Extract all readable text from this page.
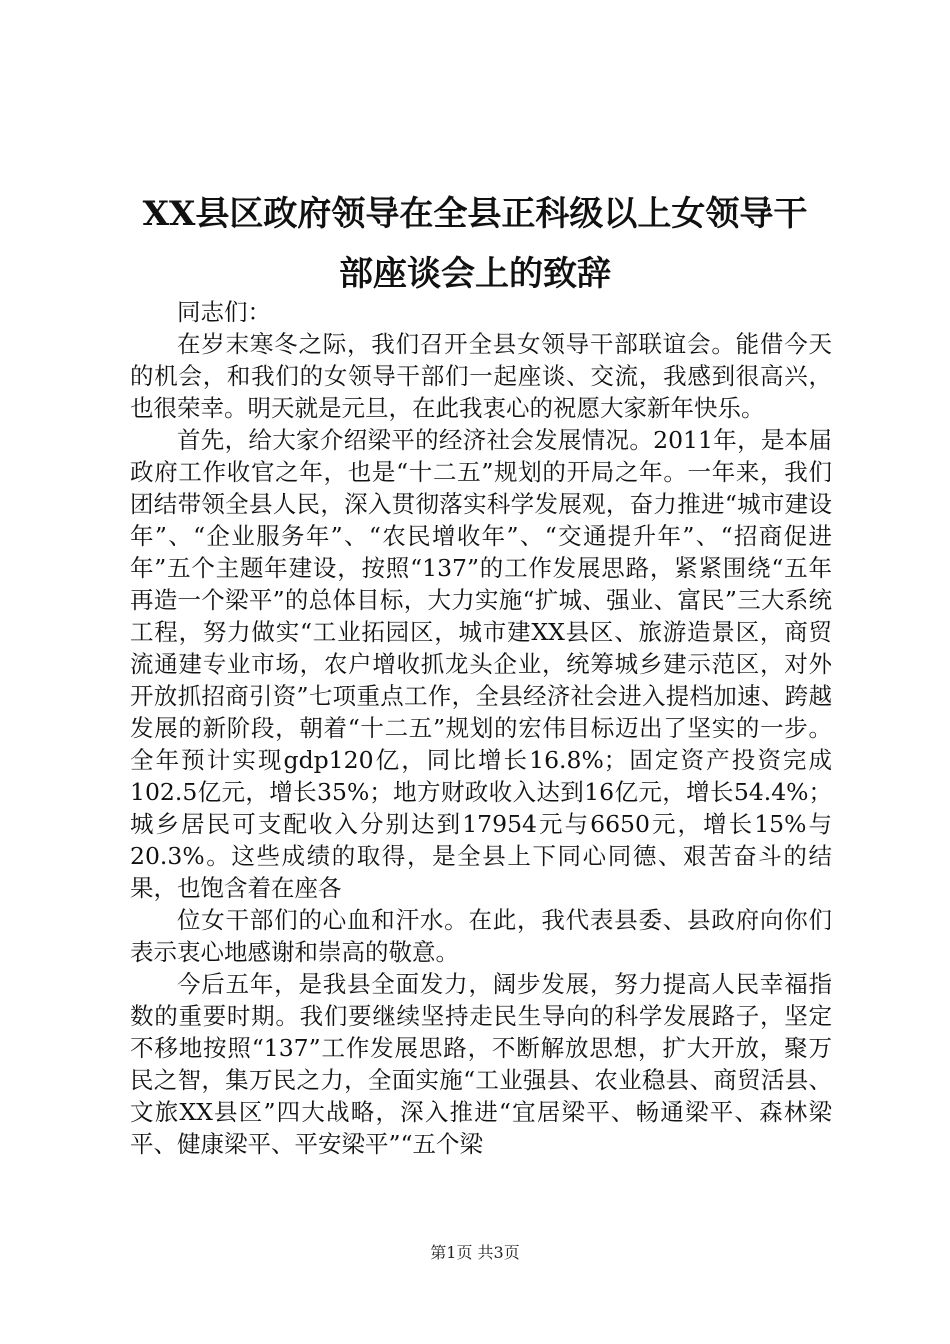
XX县区政府领导在全县正科级以上女领导干
部座谈会上的致辞

同志们：

在岁末寒冬之际，我们召开全县女领导干部联谊会。能借今天的机会，和我们的女领导干部们一起座谈、交流，我感到很高兴，也很荣幸。明天就是元旦，在此我衷心的祝愿大家新年快乐。

首先，给大家介绍梁平的经济社会发展情况。2011年，是本届政府工作收官之年，也是“十二五”规划的开局之年。一年来，我们团结带领全县人民，深入贯彻落实科学发展观，奋力推进“城市建设年”、“企业服务年”、“农民增收年”、“交通提升年”、“招商促进年”五个主题年建设，按照“137”的工作发展思路，紧紧围绕“五年再造一个梁平”的总体目标，大力实施“扩城、强业、富民”三大系统工程，努力做实“工业拓园区，城市建XX县区、旅游造景区，商贸流通建专业市场，农户增收抓龙头企业，统筹城乡建示范区，对外开放抓招商引资”七项重点工作，全县经济社会进入提档加速、跨越发展的新阶段，朝着“十二五”规划的宏伟目标迈出了坚实的一步。全年预计实现gdp120亿，同比增长16.8%；固定资产投资完成102.5亿元，增长35%；地方财政收入达到16亿元，增长54.4%；城乡居民可支配收入分别达到17954元与6650元，增长15%与20.3%。这些成绩的取得，是全县上下同心同德、艰苦奋斗的结果，也饱含着在座各

位女干部们的心血和汗水。在此，我代表县委、县政府向你们表示衷心地感谢和崇高的敬意。

今后五年，是我县全面发力，阔步发展，努力提高人民幸福指数的重要时期。我们要继续坚持走民生导向的科学发展路子，坚定不移地按照“137”工作发展思路，不断解放思想，扩大开放，聚万民之智，集万民之力，全面实施“工业强县、农业稳县、商贸活县、文旅XX县区”四大战略，深入推进“宜居梁平、畅通梁平、森林梁平、健康梁平、平安梁平”“五个梁

第1页 共3页
